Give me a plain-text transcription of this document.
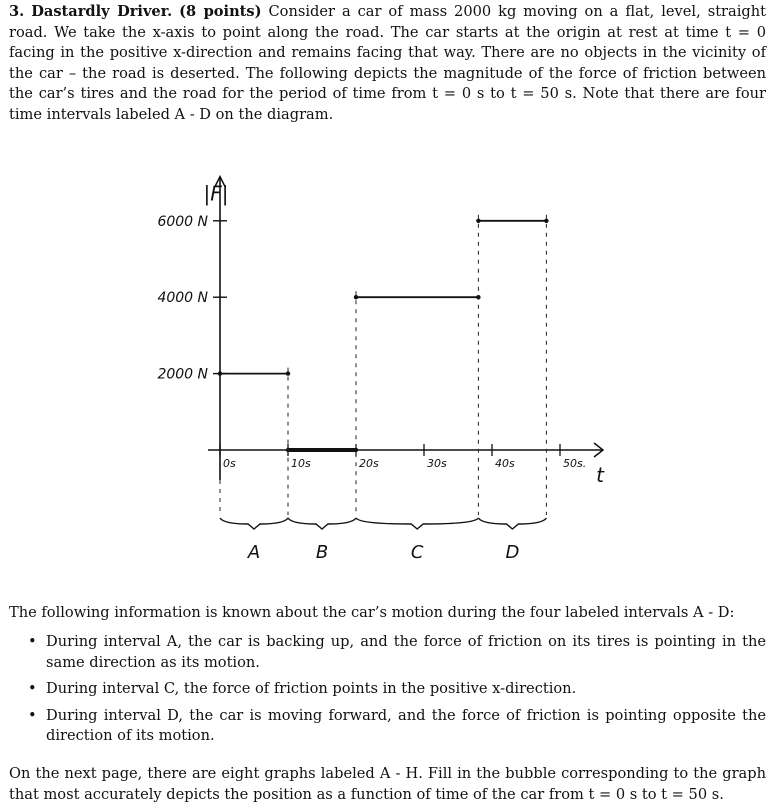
3. Dastardly Driver. (8 points) Consider a car of mass 2000 kg moving on a flat, level, straight road. We take the x-axis to point along the road. The car starts at the origin at rest at time t = 0 facing in the positive x-direction and remains facing that way. There are no objects in the vicinity of the car – the road is deserted. The following depicts the magnitude of the force of friction between the car’s tires and the road for the period of time from t = 0 s to t = 50 s. Note that there are four time intervals labeled A - D on the diagram.

2000 N
4000 N
6000 N
0s	10s	20s	30s	40s	50s.
|F|
t
A	B	C	D

The following information is known about the car’s motion during the four labeled intervals A - D:

• During interval A, the car is backing up, and the force of friction on its tires is pointing in the same direction as its motion.
• During interval C, the force of friction points in the positive x-direction.
• During interval D, the car is moving forward, and the force of friction is pointing opposite the direction of its motion.

On the next page, there are eight graphs labeled A - H. Fill in the bubble corresponding to the graph that most accurately depicts the position as a function of time of the car from t = 0 s to t = 50 s.
